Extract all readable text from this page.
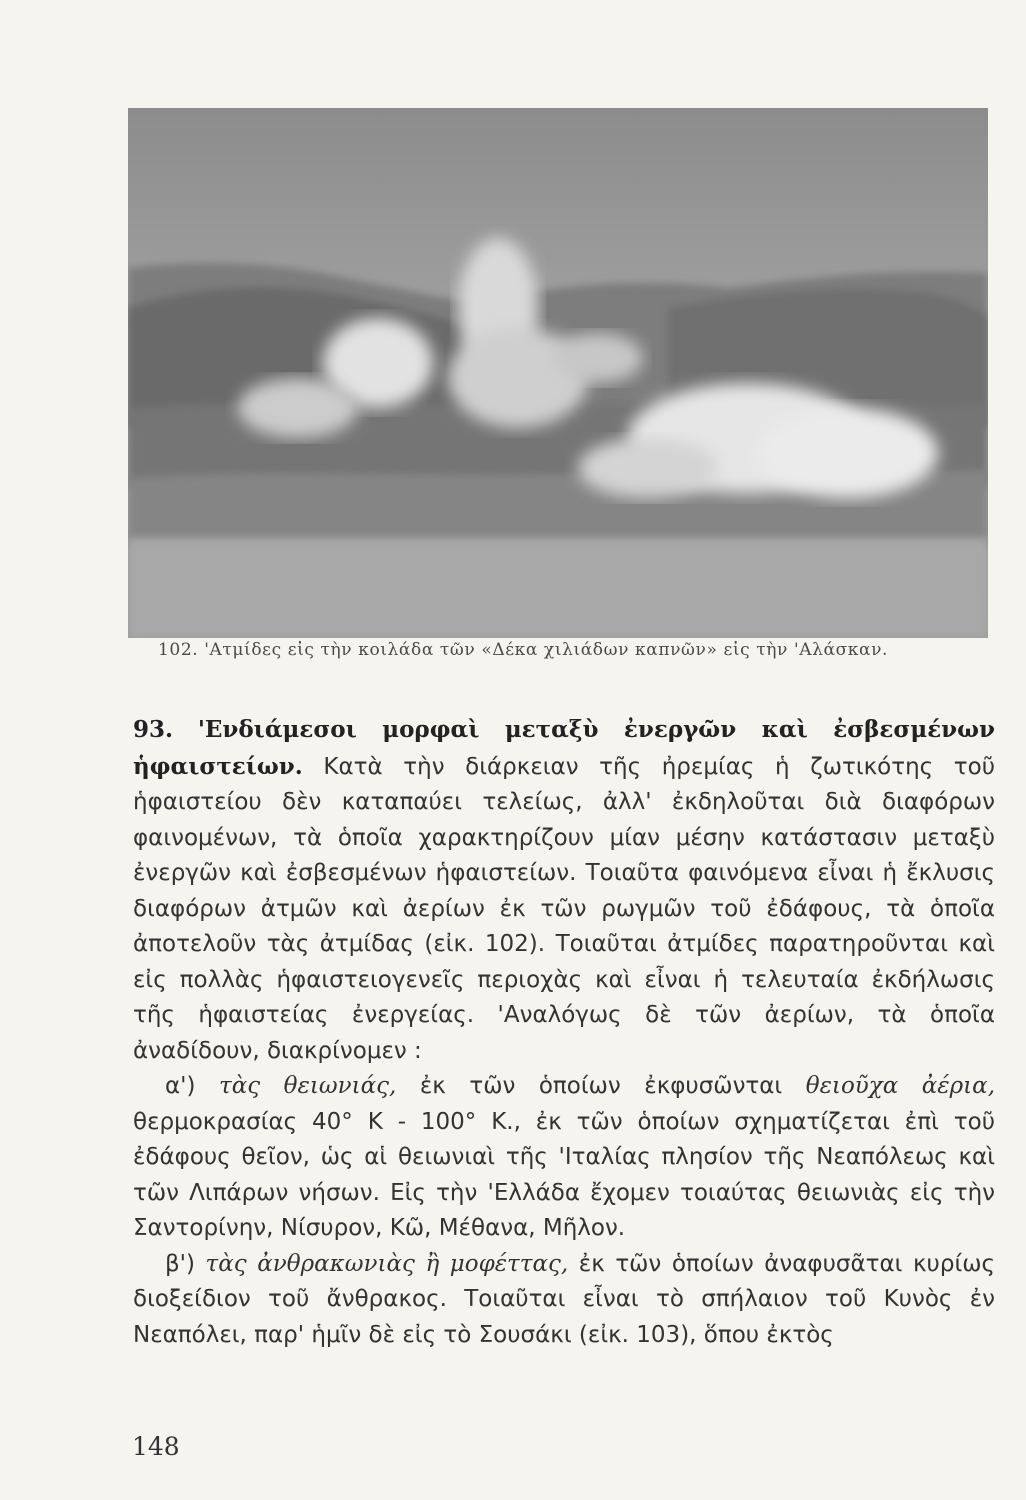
102. 'Ατμίδες εἰς τὴν κοιλάδα τῶν «Δέκα χιλιάδων καπνῶν» εἰς τὴν 'Αλάσκαν.

93. 'Ενδιάμεσοι μορφαὶ μεταξὺ ἐνεργῶν καὶ ἐσβεσμένων ἡφαιστείων. Κατὰ τὴν διάρκειαν τῆς ἠρεμίας ἡ ζωτικότης τοῦ ἡφαιστείου δὲν καταπαύει τελείως, ἀλλ' ἐκδηλοῦται διὰ διαφόρων φαινομένων, τὰ ὁποῖα χαρακτηρίζουν μίαν μέσην κατάστασιν μεταξὺ ἐνεργῶν καὶ ἐσβεσμένων ἡφαιστείων. Τοιαῦτα φαινόμενα εἶναι ἡ ἔκλυσις διαφόρων ἀτμῶν καὶ ἀερίων ἐκ τῶν ρωγμῶν τοῦ ἐδάφους, τὰ ὁποῖα ἀποτελοῦν τὰς ἀτμίδας (εἰκ. 102). Τοιαῦται ἀτμίδες παρατηροῦνται καὶ εἰς πολλὰς ἡφαιστειογενεῖς περιοχὰς καὶ εἶναι ἡ τελευταία ἐκδήλωσις τῆς ἡφαιστείας ἐνεργείας. 'Αναλόγως δὲ τῶν ἀερίων, τὰ ὁποῖα ἀναδίδουν, διακρίνομεν :

α') τὰς θειωνιάς, ἐκ τῶν ὁποίων ἐκφυσῶνται θειοῦχα ἀέρια, θερμοκρασίας 40° Κ - 100° Κ., ἐκ τῶν ὁποίων σχηματίζεται ἐπὶ τοῦ ἐδάφους θεῖον, ὡς αἱ θειωνιαὶ τῆς 'Ιταλίας πλησίον τῆς Νεαπόλεως καὶ τῶν Λιπάρων νήσων. Εἰς τὴν 'Ελλάδα ἔχομεν τοιαύτας θειωνιὰς εἰς τὴν Σαντορίνην, Νίσυρον, Κῶ, Μέθανα, Μῆλον.

β') τὰς ἀνθρακωνιὰς ἢ μοφέττας, ἐκ τῶν ὁποίων ἀναφυσᾶται κυρίως διοξείδιον τοῦ ἄνθρακος. Τοιαῦται εἶναι τὸ σπήλαιον τοῦ Κυνὸς ἐν Νεαπόλει, παρ' ἡμῖν δὲ εἰς τὸ Σουσάκι (εἰκ. 103), ὅπου ἐκτὸς

148
